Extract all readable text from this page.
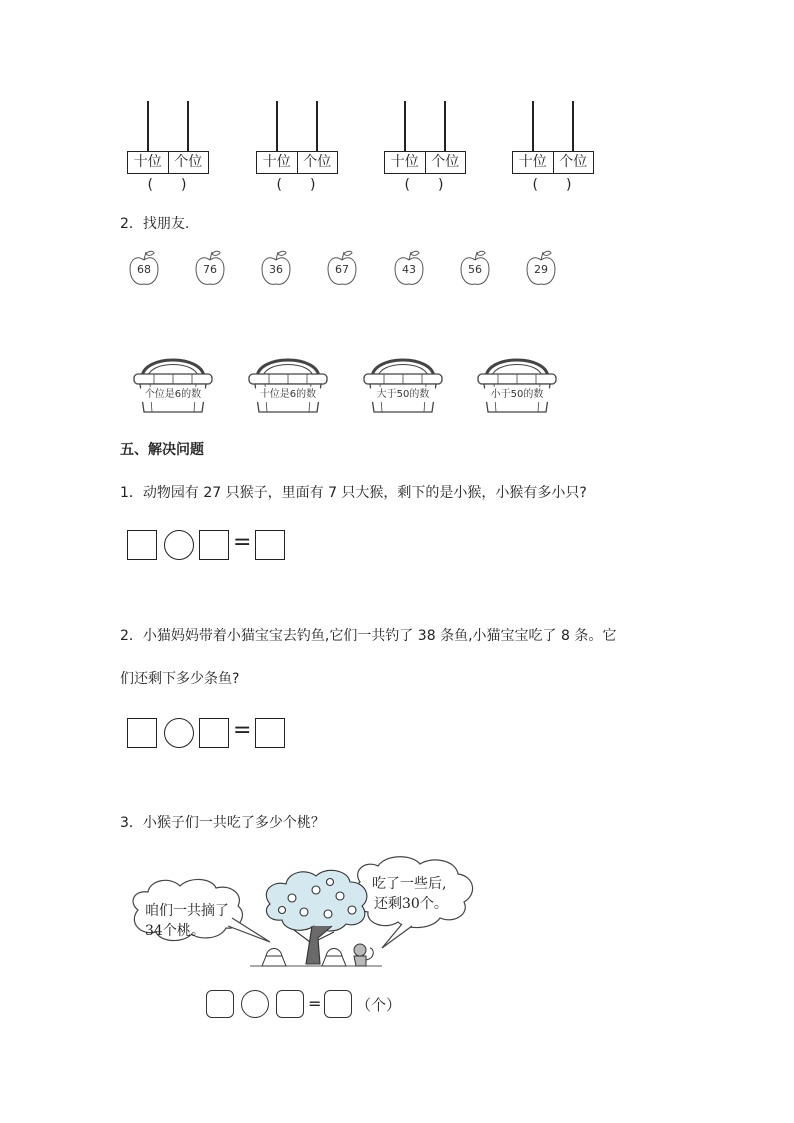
十位 个位
( )
十位 个位
( )
十位 个位
( )
十位 个位
( )
2．找朋友.
68	76	36	67	43	56	29
个位是6的数	十位是6的数	大于50的数	小于50的数
五、解决问题
1．动物园有 27 只猴子，里面有 7 只大猴，剩下的是小猴，小猴有多小只?
=
2．小猫妈妈带着小猫宝宝去钓鱼,它们一共钓了 38 条鱼,小猫宝宝吃了 8 条。它
们还剩下多少条鱼?
=
3．小猴子们一共吃了多少个桃？
咱们一共摘了
34个桃。
吃了一些后,
还剩30个。
= （个）
